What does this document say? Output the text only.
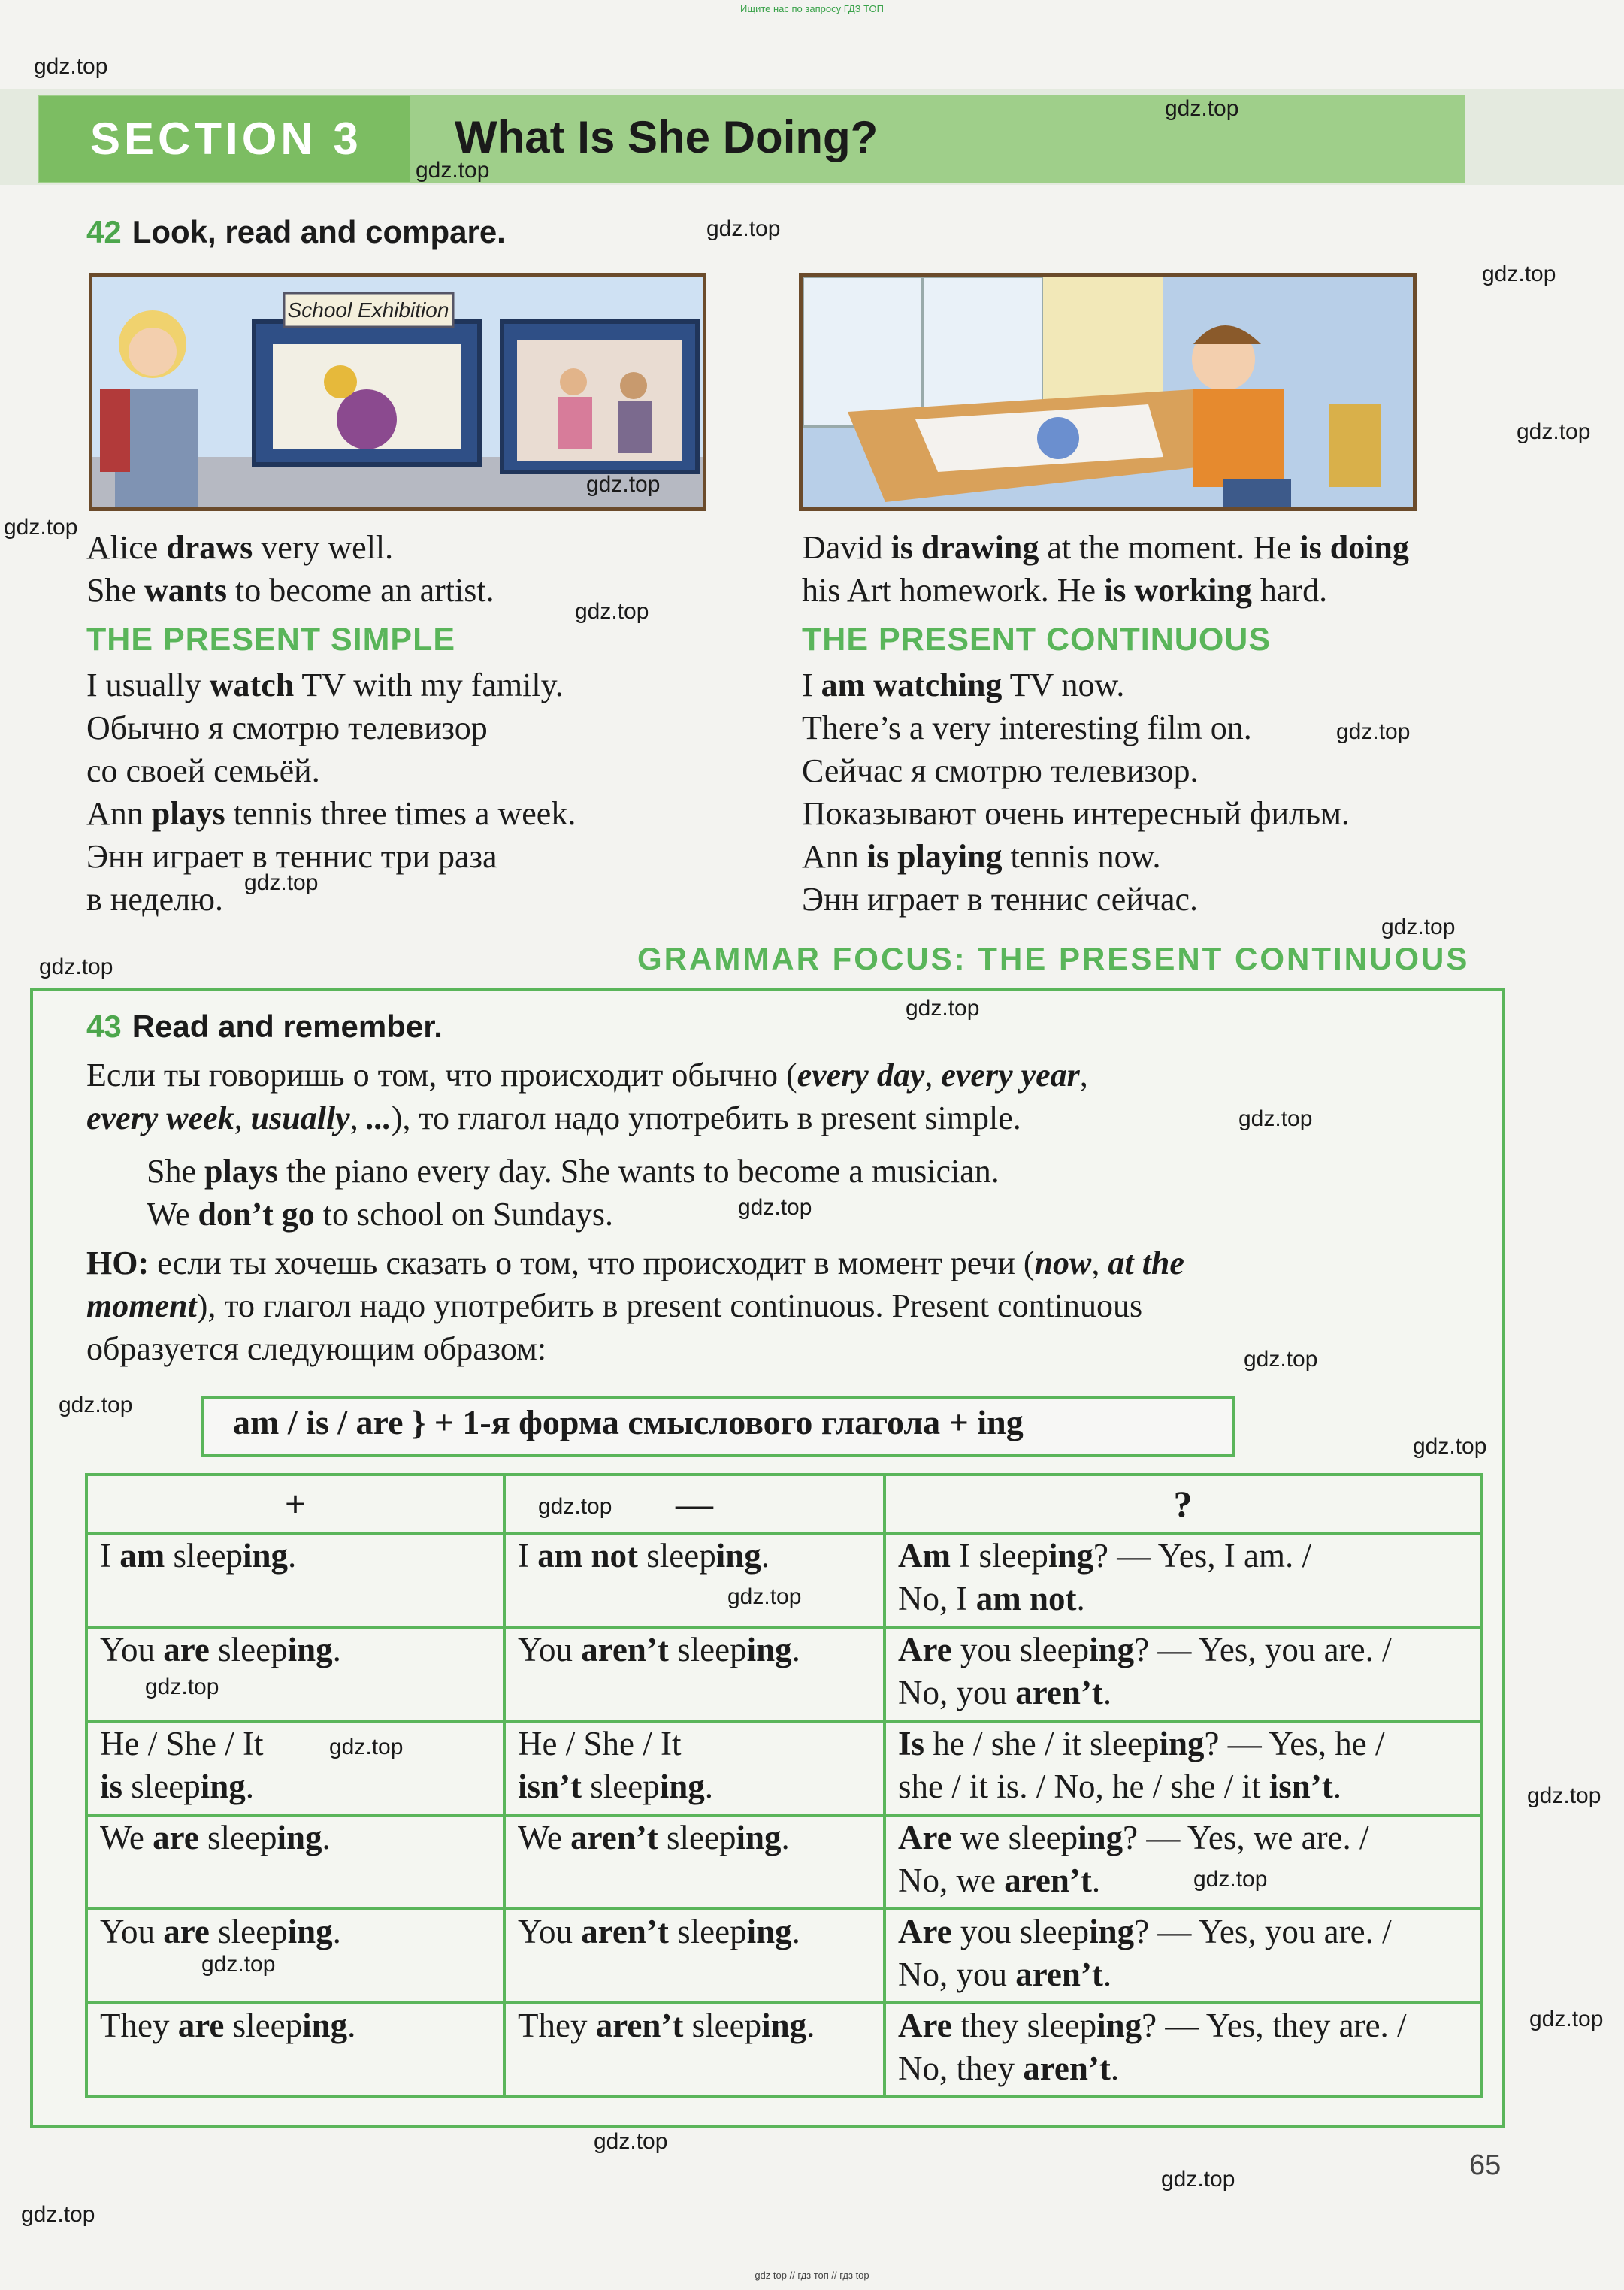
Ищите нас по запросу ГДЗ ТОП
SECTION 3 What Is She Doing?
42 Look, read and compare.
School Exhibition
Alice draws very well.
She wants to become an artist.
THE PRESENT SIMPLE
I usually watch TV with my family.
Обычно я смотрю телевизор
со своей семьёй.
Ann plays tennis three times a week.
Энн играет в теннис три раза
в неделю.
David is drawing at the moment. He is doing
his Art homework. He is working hard.
THE PRESENT CONTINUOUS
I am watching TV now.
There’s a very interesting film on.
Сейчас я смотрю телевизор.
Показывают очень интересный фильм.
Ann is playing tennis now.
Энн играет в теннис сейчас.
GRAMMAR FOCUS: THE PRESENT CONTINUOUS
43 Read and remember.
Если ты говоришь о том, что происходит обычно (every day, every year,
every week, usually, ...), то глагол надо употребить в present simple.
She plays the piano every day. She wants to become a musician.
We don’t go to school on Sundays.
НО: если ты хочешь сказать о том, что происходит в момент речи (now, at the
moment), то глагол надо употребить в present continuous. Present continuous
образуется следующим образом:
am / is / are } + 1-я форма смыслового глагола + ing
+	—	?
I am sleeping.	I am not sleeping.	Am I sleeping? — Yes, I am. /
No, I am not.
You are sleeping.	You aren’t sleeping.	Are you sleeping? — Yes, you are. /
No, you aren’t.
He / She / It
is sleeping.	He / She / It
isn’t sleeping.	Is he / she / it sleeping? — Yes, he /
she / it is. / No, he / she / it isn’t.
We are sleeping.	We aren’t sleeping.	Are we sleeping? — Yes, we are. /
No, we aren’t.
You are sleeping.	You aren’t sleeping.	Are you sleeping? — Yes, you are. /
No, you aren’t.
They are sleeping.	They aren’t sleeping.	Are they sleeping? — Yes, they are. /
No, they aren’t.
65
gdz.top
gdz.top
gdz.top
gdz.top
gdz.top
gdz.top
gdz.top
gdz.top
gdz.top
gdz.top
gdz.top
gdz.top
gdz.top
gdz.top
gdz.top
gdz.top
gdz.top
gdz.top
gdz.top
gdz.top
gdz.top
gdz.top
gdz.top
gdz.top
gdz.top
gdz.top
gdz.top
gdz.top
gdz.top
gdz.top
gdz top // гдз топ // гдз top
